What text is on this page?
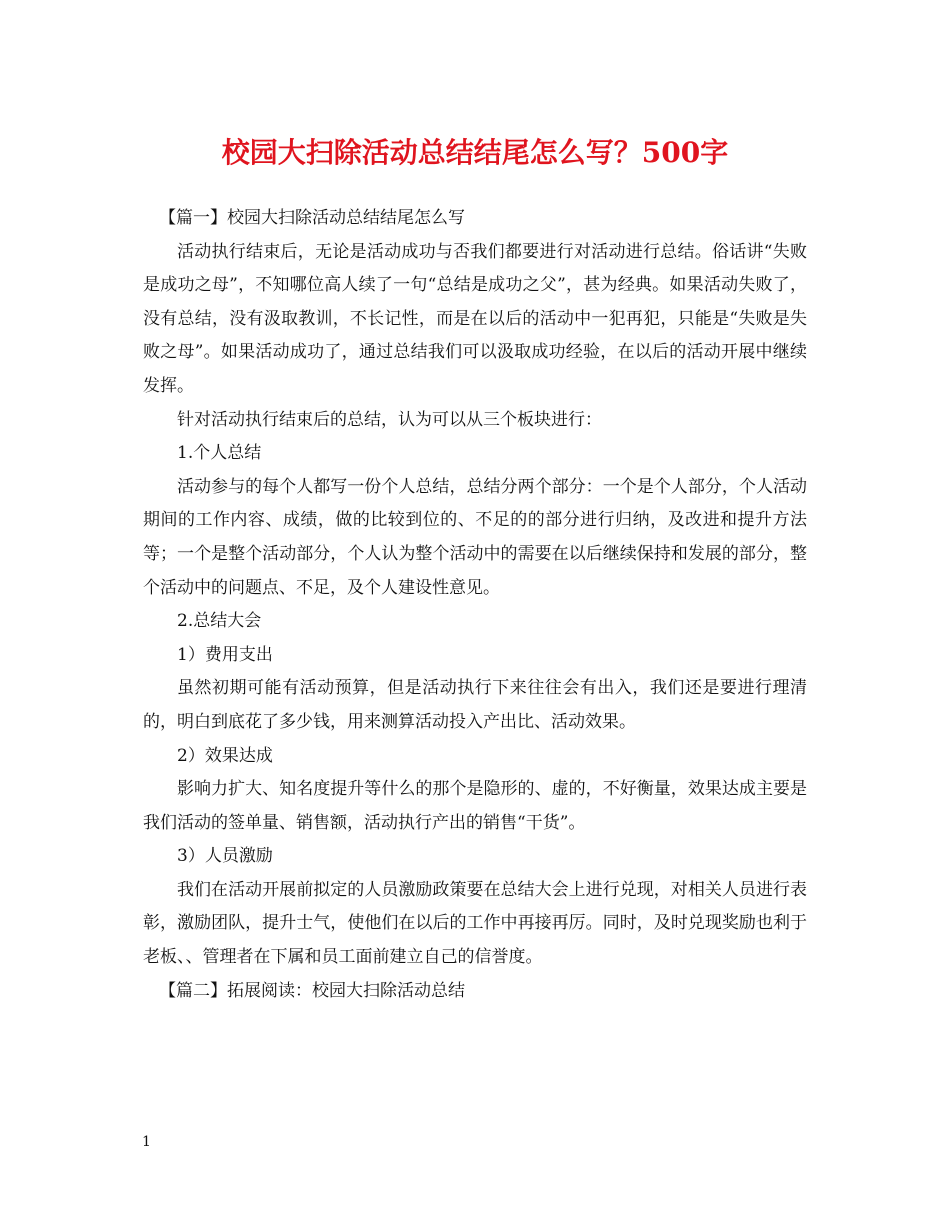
校园大扫除活动总结结尾怎么写？500字

【篇一】校园大扫除活动总结结尾怎么写

活动执行结束后，无论是活动成功与否我们都要进行对活动进行总结。俗话讲“失败是成功之母”，不知哪位高人续了一句“总结是成功之父”，甚为经典。如果活动失败了，没有总结，没有汲取教训，不长记性，而是在以后的活动中一犯再犯，只能是“失败是失败之母”。如果活动成功了，通过总结我们可以汲取成功经验，在以后的活动开展中继续发挥。

针对活动执行结束后的总结，认为可以从三个板块进行：

1.个人总结

活动参与的每个人都写一份个人总结，总结分两个部分：一个是个人部分，个人活动期间的工作内容、成绩，做的比较到位的、不足的的部分进行归纳，及改进和提升方法等；一个是整个活动部分，个人认为整个活动中的需要在以后继续保持和发展的部分，整个活动中的问题点、不足，及个人建设性意见。

2.总结大会

1）费用支出

虽然初期可能有活动预算，但是活动执行下来往往会有出入，我们还是要进行理清的，明白到底花了多少钱，用来测算活动投入产出比、活动效果。

2）效果达成

影响力扩大、知名度提升等什么的那个是隐形的、虚的，不好衡量，效果达成主要是我们活动的签单量、销售额，活动执行产出的销售“干货”。

3）人员激励

我们在活动开展前拟定的人员激励政策要在总结大会上进行兑现，对相关人员进行表彰，激励团队，提升士气，使他们在以后的工作中再接再厉。同时，及时兑现奖励也利于老板、、管理者在下属和员工面前建立自己的信誉度。

【篇二】拓展阅读：校园大扫除活动总结

1
